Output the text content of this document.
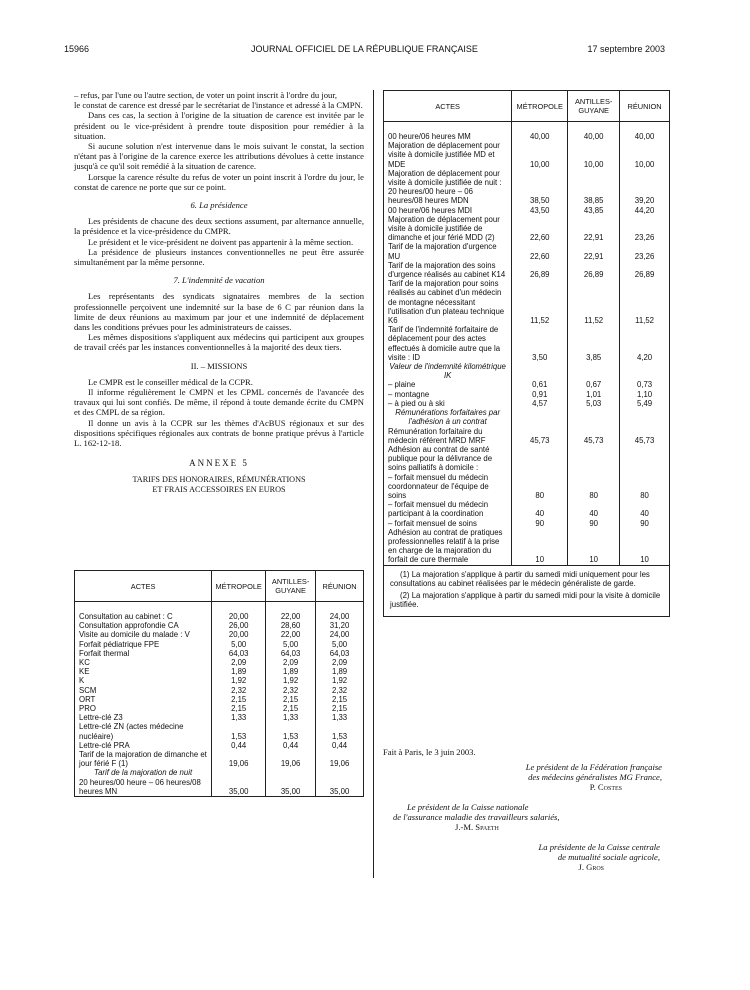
15966	JOURNAL OFFICIEL DE LA RÉPUBLIQUE FRANÇAISE	17 septembre 2003

– refus, par l'une ou l'autre section, de voter un point inscrit à l'ordre du jour,

le constat de carence est dressé par le secrétariat de l'instance et adressé à la CMPN.

Dans ces cas, la section à l'origine de la situation de carence est invitée par le président ou le vice-président à prendre toute disposition pour remédier à la situation.

Si aucune solution n'est intervenue dans le mois suivant le constat, la section n'étant pas à l'origine de la carence exerce les attributions dévolues à cette instance jusqu'à ce qu'il soit remédié à la situation de carence.

Lorsque la carence résulte du refus de voter un point inscrit à l'ordre du jour, le constat de carence ne porte que sur ce point.

6. La présidence

Les présidents de chacune des deux sections assument, par alternance annuelle, la présidence et la vice-présidence du CMPR.

Le président et le vice-président ne doivent pas appartenir à la même section.

La présidence de plusieurs instances conventionnelles ne peut être assurée simultanément par la même personne.

7. L'indemnité de vacation

Les représentants des syndicats signataires membres de la section professionnelle perçoivent une indemnité sur la base de 6 C par réunion dans la limite de deux réunions au maximum par jour et une indemnité de déplacement dans les conditions prévues pour les administrateurs de caisses.

Les mêmes dispositions s'appliquent aux médecins qui participent aux groupes de travail créés par les instances conventionnelles à la majorité des deux tiers.

II. – MISSIONS

Le CMPR est le conseiller médical de la CCPR.

Il informe régulièrement le CMPN et les CPML concernés de l'avancée des travaux qui lui sont confiés. De même, il répond à toute demande écrite du CMPN et des CMPL de sa région.

Il donne un avis à la CCPR sur les thèmes d'AcBUS régionaux et sur des dispositions spécifiques régionales aux contrats de bonne pratique prévus à l'article L. 162-12-18.

ANNEXE 5
TARIFS DES HONORAIRES, RÉMUNÉRATIONS
ET FRAIS ACCESSOIRES EN EUROS
ACTES	MÉTROPOLE	ANTILLES-GUYANE	RÉUNION
Consultation au cabinet : C	20,00	22,00	24,00
Consultation approfondie CA	26,00	28,60	31,20
Visite au domicile du malade : V	20,00	22,00	24,00
Forfait pédiatrique FPE	5,00	5,00	5,00
Forfait thermal	64,03	64,03	64,03
KC	2,09	2,09	2,09
KE	1,89	1,89	1,89
K	1,92	1,92	1,92
SCM	2,32	2,32	2,32
ORT	2,15	2,15	2,15
PRO	2,15	2,15	2,15
Lettre-clé Z3	1,33	1,33	1,33
Lettre-clé ZN (actes médecine nucléaire)	1,53	1,53	1,53
Lettre-clé PRA	0,44	0,44	0,44
Tarif de la majoration de dimanche et jour férié F (1)	19,06	19,06	19,06
Tarif de la majoration de nuit			
20 heures/00 heure – 06 heures/08 heures MN	35,00	35,00	35,00
ACTES	MÉTROPOLE	ANTILLES-GUYANE	RÉUNION
00 heure/06 heures MM	40,00	40,00	40,00
Majoration de déplacement pour visite à domicile justifiée MD et MDE	10,00	10,00	10,00
Majoration de déplacement pour visite à domicile justifiée de nuit :			
20 heures/00 heure – 06 heures/08 heures MDN	38,50	38,85	39,20
00 heure/06 heures MDI	43,50	43,85	44,20
Majoration de déplacement pour visite à domicile justifiée de dimanche et jour férié MDD (2)	22,60	22,91	23,26
Tarif de la majoration d'urgence MU	22,60	22,91	23,26
Tarif de la majoration des soins d'urgence réalisés au cabinet K14	26,89	26,89	26,89
Tarif de la majoration pour soins réalisés au cabinet d'un médecin de montagne nécessitant l'utilisation d'un plateau technique K6	11,52	11,52	11,52
Tarif de l'indemnité forfaitaire de déplacement pour des actes effectués à domicile autre que la visite : ID	3,50	3,85	4,20
Valeur de l'indemnité kilométrique IK			
– plaine	0,61	0,67	0,73
– montagne	0,91	1,01	1,10
– à pied ou à ski	4,57	5,03	5,49
Rémunérations forfaitaires par l'adhésion à un contrat			
Rémunération forfaitaire du médecin référent MRD MRF	45,73	45,73	45,73
Adhésion au contrat de santé publique pour la délivrance de soins palliatifs à domicile :			
– forfait mensuel du médecin coordonnateur de l'équipe de soins	80	80	80
– forfait mensuel du médecin participant à la coordination	40	40	40
– forfait mensuel de soins	90	90	90
Adhésion au contrat de pratiques professionnelles relatif à la prise en charge de la majoration du forfait de cure thermale	10	10	10

(1) La majoration s'applique à partir du samedi midi uniquement pour les consultations au cabinet réalisées par le médecin généraliste de garde.

(2) La majoration s'applique à partir du samedi midi pour la visite à domicile justifiée.

Fait à Paris, le 3 juin 2003.
Le président de la Fédération française
des médecins généralistes MG France,
P. Costes
Le président de la Caisse nationale
de l'assurance maladie des travailleurs salariés,
J.-M. Spaeth
La présidente de la Caisse centrale
de mutualité sociale agricole,
J. Gros
